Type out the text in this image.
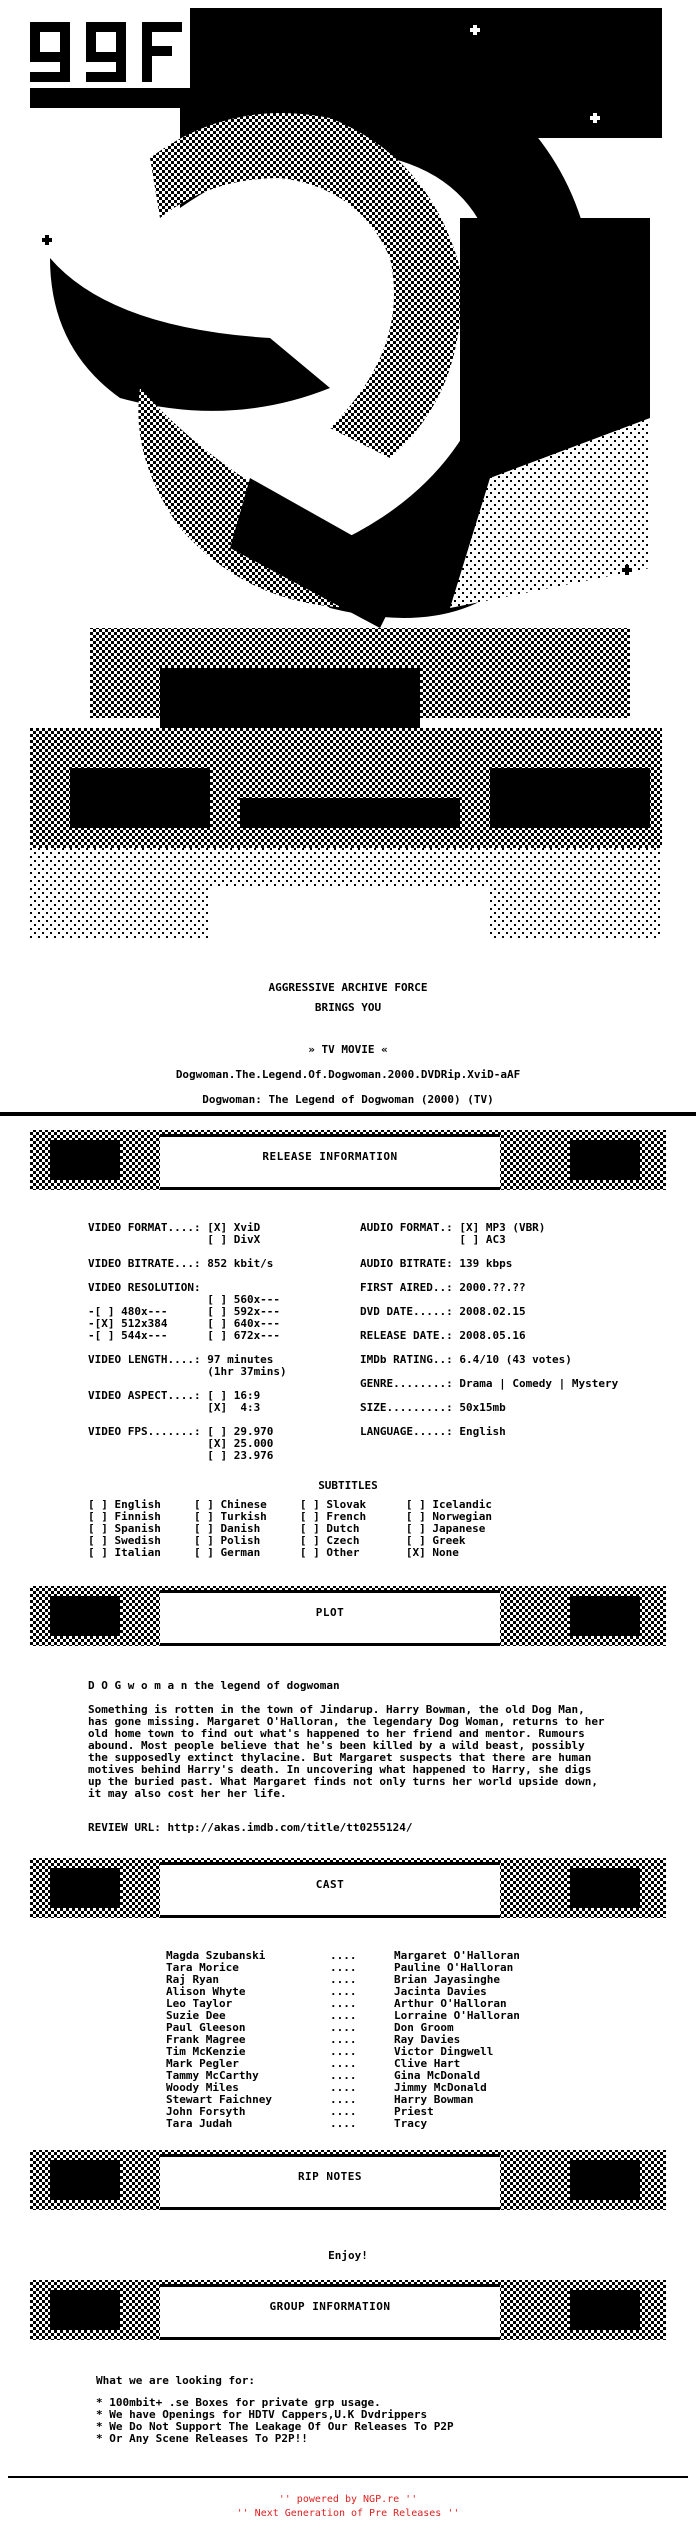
AGGRESSIVE ARCHIVE FORCE
BRINGS YOU
» TV MOVIE «
Dogwoman.The.Legend.Of.Dogwoman.2000.DVDRip.XviD-aAF
Dogwoman: The Legend of Dogwoman (2000) (TV)
RELEASE INFORMATION
VIDEO FORMAT....: [X] XviD
[ ] DivX

VIDEO BITRATE...: 852 kbit/s

VIDEO RESOLUTION:
[ ] 560x---
-[ ] 480x---      [ ] 592x---
-[X] 512x384      [ ] 640x---
-[ ] 544x---      [ ] 672x---

VIDEO LENGTH....: 97 minutes
(1hr 37mins)

VIDEO ASPECT....: [ ] 16:9
[X]  4:3

VIDEO FPS.......: [ ] 29.970
[X] 25.000
[ ] 23.976
AUDIO FORMAT.: [X] MP3 (VBR)
[ ] AC3

AUDIO BITRATE: 139 kbps

FIRST AIRED..: 2000.??.??

DVD DATE.....: 2008.02.15

RELEASE DATE.: 2008.05.16

IMDb RATING..: 6.4/10 (43 votes)

GENRE........: Drama | Comedy | Mystery

SIZE.........: 50x15mb

LANGUAGE.....: English
SUBTITLES
[ ] English     [ ] Chinese     [ ] Slovak      [ ] Icelandic
[ ] Finnish     [ ] Turkish     [ ] French      [ ] Norwegian
[ ] Spanish     [ ] Danish      [ ] Dutch       [ ] Japanese
[ ] Swedish     [ ] Polish      [ ] Czech       [ ] Greek
[ ] Italian     [ ] German      [ ] Other       [X] None
PLOT
D O G w o m a n the legend of dogwoman
Something is rotten in the town of Jindarup. Harry Bowman, the old Dog Man, has gone missing. Margaret O'Halloran, the legendary Dog Woman, returns to her old home town to find out what's happened to her friend and mentor. Rumours abound. Most people believe that he's been killed by a wild beast, possibly the supposedly extinct thylacine. But Margaret suspects that there are human motives behind Harry's death. In uncovering what happened to Harry, she digs up the buried past. What Margaret finds not only turns her world upside down, it may also cost her her life.
REVIEW URL: http://akas.imdb.com/title/tt0255124/
CAST
Magda Szubanski
Tara Morice
Raj Ryan
Alison Whyte
Leo Taylor
Suzie Dee
Paul Gleeson
Frank Magree
Tim McKenzie
Mark Pegler
Tammy McCarthy
Woody Miles
Stewart Faichney
John Forsyth
Tara Judah
....
....
....
....
....
....
....
....
....
....
....
....
....
....
....
Margaret O'Halloran
Pauline O'Halloran
Brian Jayasinghe
Jacinta Davies
Arthur O'Halloran
Lorraine O'Halloran
Don Groom
Ray Davies
Victor Dingwell
Clive Hart
Gina McDonald
Jimmy McDonald
Harry Bowman
Priest
Tracy
RIP NOTES
Enjoy!
GROUP INFORMATION
What we are looking for:
* 100mbit+ .se Boxes for private grp usage.
* We have Openings for HDTV Cappers,U.K Dvdrippers
* We Do Not Support The Leakage Of Our Releases To P2P
* Or Any Scene Releases To P2P!!
'' powered by NGP.re ''
'' Next Generation of Pre Releases ''
